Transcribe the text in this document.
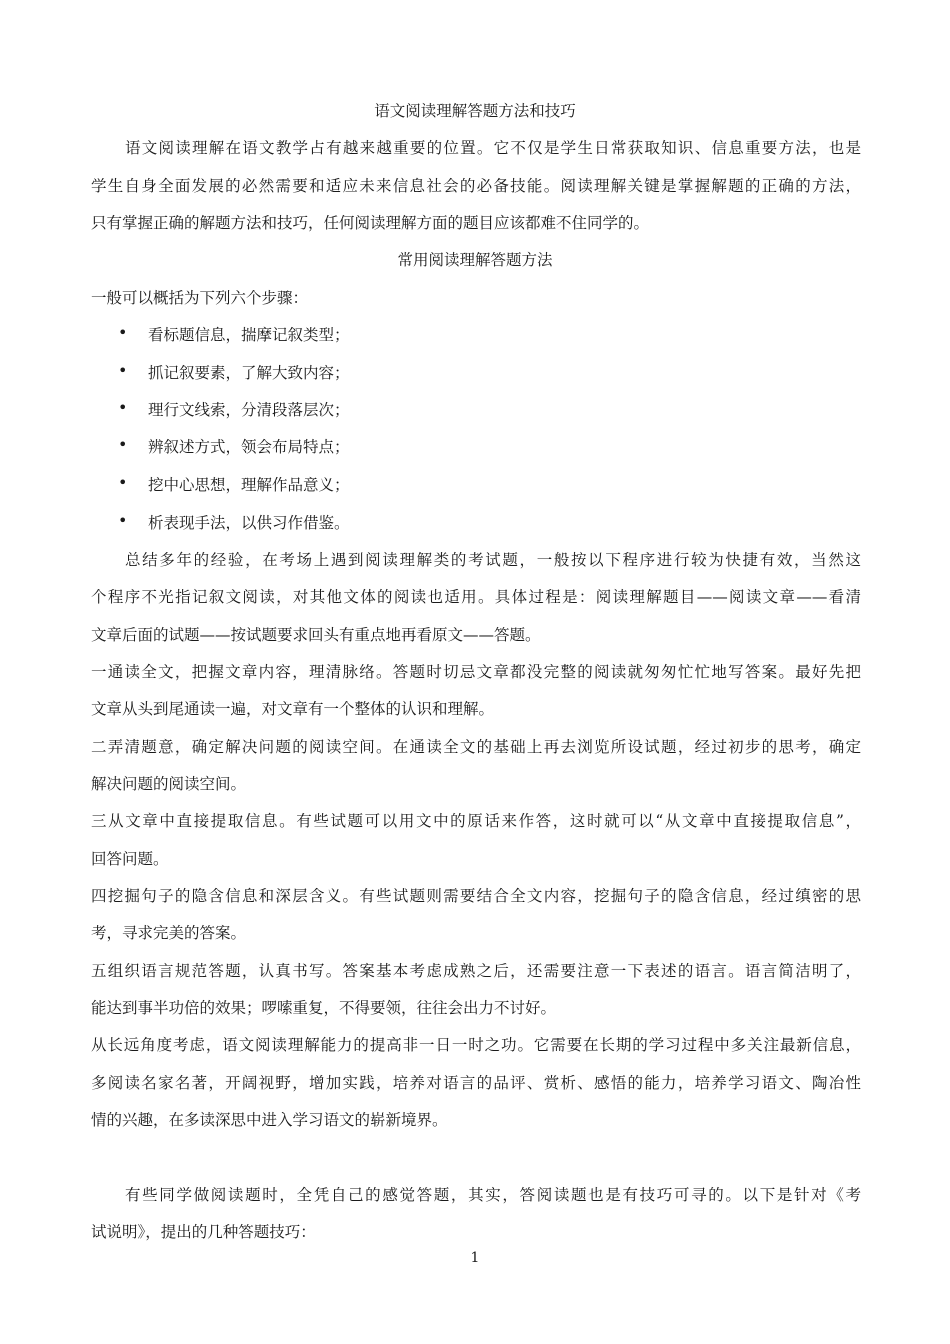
语文阅读理解答题方法和技巧
语文阅读理解在语文教学占有越来越重要的位置。它不仅是学生日常获取知识、信息重要方法，也是
学生自身全面发展的必然需要和适应未来信息社会的必备技能。阅读理解关键是掌握解题的正确的方法，
只有掌握正确的解题方法和技巧，任何阅读理解方面的题目应该都难不住同学的。
常用阅读理解答题方法
一般可以概括为下列六个步骤：
• 看标题信息，揣摩记叙类型；
• 抓记叙要素，了解大致内容；
• 理行文线索，分清段落层次；
• 辨叙述方式，领会布局特点；
• 挖中心思想，理解作品意义；
• 析表现手法，以供习作借鉴。
总结多年的经验，在考场上遇到阅读理解类的考试题，一般按以下程序进行较为快捷有效，当然这
个程序不光指记叙文阅读，对其他文体的阅读也适用。具体过程是：阅读理解题目——阅读文章——看清
文章后面的试题——按试题要求回头有重点地再看原文——答题。
一通读全文，把握文章内容，理清脉络。答题时切忌文章都没完整的阅读就匆匆忙忙地写答案。最好先把
文章从头到尾通读一遍，对文章有一个整体的认识和理解。
二弄清题意，确定解决问题的阅读空间。在通读全文的基础上再去浏览所设试题，经过初步的思考，确定
解决问题的阅读空间。
三从文章中直接提取信息。有些试题可以用文中的原话来作答，这时就可以“从文章中直接提取信息”，
回答问题。
四挖掘句子的隐含信息和深层含义。有些试题则需要结合全文内容，挖掘句子的隐含信息，经过缜密的思
考，寻求完美的答案。
五组织语言规范答题，认真书写。答案基本考虑成熟之后，还需要注意一下表述的语言。语言简洁明了，
能达到事半功倍的效果；啰嗦重复，不得要领，往往会出力不讨好。
从长远角度考虑，语文阅读理解能力的提高非一日一时之功。它需要在长期的学习过程中多关注最新信息，
多阅读名家名著，开阔视野，增加实践，培养对语言的品评、赏析、感悟的能力，培养学习语文、陶冶性
情的兴趣，在多读深思中进入学习语文的崭新境界。
有些同学做阅读题时，全凭自己的感觉答题，其实，答阅读题也是有技巧可寻的。以下是针对《考
试说明》，提出的几种答题技巧：
1
